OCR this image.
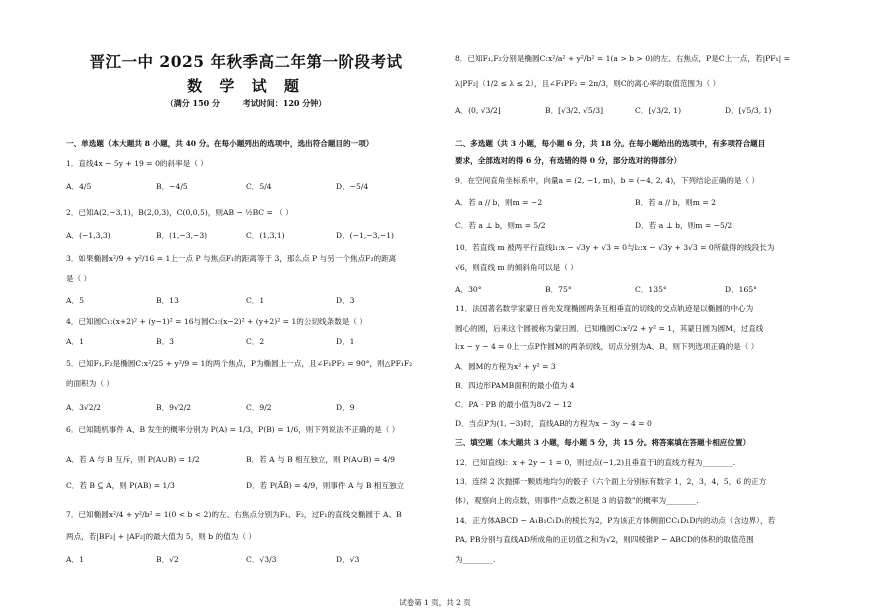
晋江一中 2025 年秋季高二年第一阶段考试
数 学 试 题
（满分 150 分	考试时间：120 分钟）
一、单选题（本大题共 8 小题，共 40 分。在每小题列出的选项中，选出符合题目的一项）
1．直线4x − 5y + 19 = 0的斜率是（ ）
A．4/5	B．−4/5	C．5/4	D．−5/4
2．已知A(2,−3,1)，B(2,0,3)，C(0,0,5)，则AB − ½BC = （ ）
A．(−1,3,3)	B．(1,−3,−3)	C．(1,3,1)	D．(−1,−3,−1)
3．如果椭圆x²/9 + y²/16 = 1上一点 P 与焦点F₁的距离等于 3，那么点 P 与另一个焦点F₂的距离
是（ ）
A．5	B．13	C．1	D．3
4．已知圆C₁:(x+2)² + (y−1)² = 16与圆C₂:(x−2)² + (y+2)² = 1的公切线条数是（ ）
A．1	B．3	C．2	D．1
5．已知F₁,F₂是椭圆C:x²/25 + y²/9 = 1的两个焦点，P为椭圆上一点，且∠F₁PF₂ = 90°，则△PF₁F₂
的面积为（ ）
A．3√2/2	B．9√2/2	C．9/2	D．9
6．已知随机事件 A、B 发生的概率分别为 P(A) = 1/3，P(B) = 1/6，则下列说法不正确的是（ ）
A．若 A 与 B 互斥，则 P(A∪B) = 1/2	B．若 A 与 B 相互独立，则 P(A∪B) = 4/9
C．若 B ⊆ A，则 P(AB) = 1/3	D．若 P(ĀB̄) = 4/9，则事件 A 与 B 相互独立
7．已知椭圆x²/4 + y²/b² = 1(0 < b < 2)的左、右焦点分别为F₁、F₂，过F₁的直线交椭圆于 A、B
两点，若|BF₂| + |AF₂|的最大值为 5，则 b 的值为（ ）
A．1	B．√2	C．√3/3	D．√3
8．已知F₁,F₂分别是椭圆C:x²/a² + y²/b² = 1(a > b > 0)的左、右焦点，P是C上一点，若|PF₁| =
λ|PF₂|（1/2 ≤ λ ≤ 2），且∠F₁PF₂ = 2π/3，则C的离心率的取值范围为（ ）
A．(0, √3/2]	B．[√3/2, √5/3]	C．[√3/2, 1)	D．[√5/3, 1)
二、多选题（共 3 小题，每小题 6 分，共 18 分。在每小题给出的选项中，有多项符合题目
要求，全部选对的得 6 分，有选错的得 0 分，部分选对的得部分）
9．在空间直角坐标系中，向量a = (2, −1, m)，b = (−4, 2, 4)，下列结论正确的是（ ）
A．若 a // b，则m = −2	B．若 a // b，则m = 2
C．若 a ⊥ b，则m = 5/2	D．若 a ⊥ b，则m = −5/2
10．若直线 m 被两平行直线l₁:x − √3y + √3 = 0与l₂:x − √3y + 3√3 = 0所截得的线段长为
√6，则直线 m 的倾斜角可以是（ ）
A．30°	B．75°	C．135°	D．165°
11．法国著名数学家蒙日首先发现椭圆两条互相垂直的切线的交点轨迹是以椭圆的中心为
圆心的圆，后来这个圆被称为蒙日圆．已知椭圆C:x²/2 + y² = 1，其蒙日圆为圆M，过直线
l:x − y − 4 = 0上一点P作圆M的两条切线，切点分别为A、B，则下列选项正确的是（ ）
A．圆M的方程为x² + y² = 3
B．四边形PAMB面积的最小值为 4
C．PA · PB 的最小值为8√2 − 12
D．当点P为(1, −3)时，直线AB的方程为x − 3y − 4 = 0
三、填空题（本大题共 3 小题，每小题 5 分，共 15 分。将答案填在答题卡相应位置）
12．已知直线l：x + 2y − 1 = 0，则过点(−1,2)且垂直于l的直线方程为________.
13．连续 2 次抛掷一颗质地均匀的骰子（六个面上分别标有数字 1，2，3，4，5，6 的正方
体），观察向上的点数，则事件“点数之积是 3 的倍数”的概率为________.
14．正方体ABCD − A₁B₁C₁D₁的棱长为2，P为该正方体侧面CC₁D₁D内的动点（含边界），若
PA, PB分别与直线AD所成角的正切值之和为√2，则四棱锥P − ABCD的体积的取值范围
为________.
试卷第 1 页，共 2 页
